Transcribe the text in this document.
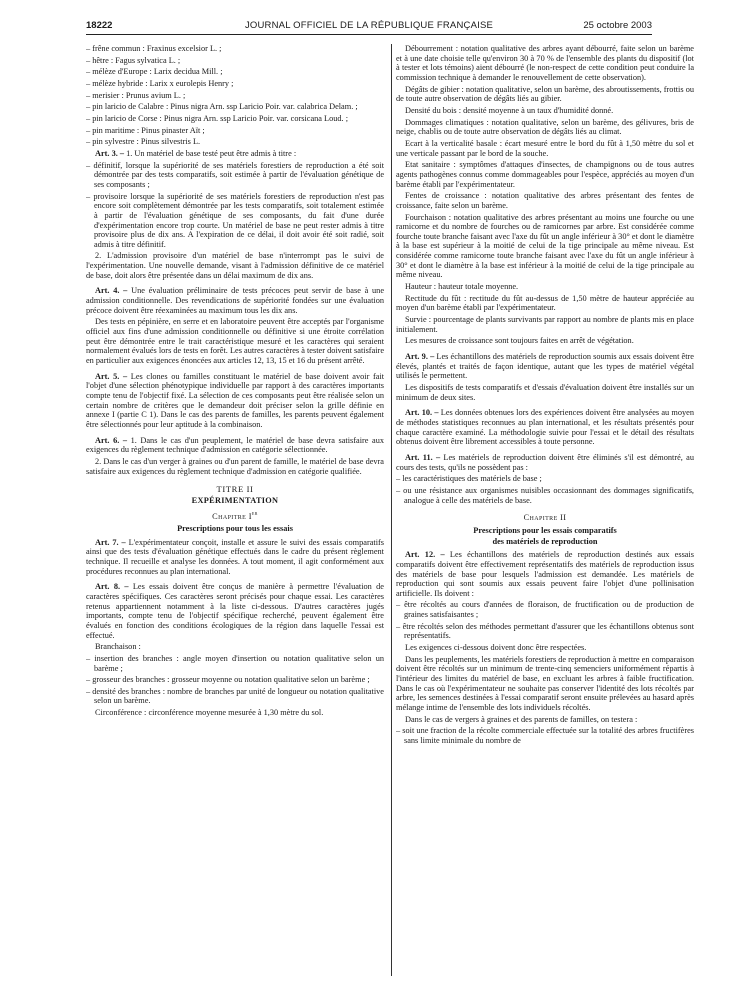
18222	JOURNAL OFFICIEL DE LA RÉPUBLIQUE FRANÇAISE	25 octobre 2003

– frêne commun : Fraxinus excelsior L. ;

– hêtre : Fagus sylvatica L. ;

– mélèze d'Europe : Larix decidua Mill. ;

– mélèze hybride : Larix x eurolepis Henry ;

– merisier : Prunus avium L. ;

– pin laricio de Calabre : Pinus nigra Arn. ssp Laricio Poir. var. calabrica Delam. ;

– pin laricio de Corse : Pinus nigra Arn. ssp Laricio Poir. var. corsicana Loud. ;

– pin maritime : Pinus pinaster Aït ;

– pin sylvestre : Pinus silvestris L.

Art. 3. – 1. Un matériel de base testé peut être admis à titre :

– définitif, lorsque la supériorité de ses matériels forestiers de reproduction a été soit démontrée par des tests comparatifs, soit estimée à partir de l'évaluation génétique de ses composants ;

– provisoire lorsque la supériorité de ses matériels forestiers de reproduction n'est pas encore soit complètement démontrée par les tests comparatifs, soit totalement estimée à partir de l'évaluation génétique de ses composants, du fait d'une durée d'expérimentation encore trop courte. Un matériel de base ne peut rester admis à titre provisoire plus de dix ans. A l'expiration de ce délai, il doit avoir été soit radié, soit admis à titre définitif.

2. L'admission provisoire d'un matériel de base n'interrompt pas le suivi de l'expérimentation. Une nouvelle demande, visant à l'admission définitive de ce matériel de base, doit alors être présentée dans un délai maximum de dix ans.

Art. 4. – Une évaluation préliminaire de tests précoces peut servir de base à une admission conditionnelle. Des revendications de supériorité fondées sur une évaluation précoce doivent être réexaminées au maximum tous les dix ans.

Des tests en pépinière, en serre et en laboratoire peuvent être acceptés par l'organisme officiel aux fins d'une admission conditionnelle ou définitive si une étroite corrélation peut être démontrée entre le trait caractéristique mesuré et les caractères qui seraient normalement évalués lors de tests en forêt. Les autres caractères à tester doivent satisfaire en particulier aux exigences énoncées aux articles 12, 13, 15 et 16 du présent arrêté.

Art. 5. – Les clones ou familles constituant le matériel de base doivent avoir fait l'objet d'une sélection phénotypique individuelle par rapport à des caractères importants compte tenu de l'objectif fixé. La sélection de ces composants peut être réalisée selon un certain nombre de critères que le demandeur doit préciser selon la grille définie en annexe I (partie C 1). Dans le cas des parents de familles, les parents peuvent également être sélectionnés pour leur aptitude à la combinaison.

Art. 6. – 1. Dans le cas d'un peuplement, le matériel de base devra satisfaire aux exigences du règlement technique d'admission en catégorie sélectionnée.

2. Dans le cas d'un verger à graines ou d'un parent de famille, le matériel de base devra satisfaire aux exigences du règlement technique d'admission en catégorie qualifiée.

TITRE II

EXPÉRIMENTATION

Chapitre Ier

Prescriptions pour tous les essais

Art. 7. – L'expérimentateur conçoit, installe et assure le suivi des essais comparatifs ainsi que des tests d'évaluation génétique effectués dans le cadre du présent règlement technique. Il recueille et analyse les données. A tout moment, il agit conformément aux procédures reconnues au plan international.

Art. 8. – Les essais doivent être conçus de manière à permettre l'évaluation de caractères spécifiques. Ces caractères seront précisés pour chaque essai. Les caractères retenus appartiennent notamment à la liste ci-dessous. D'autres caractères jugés importants, compte tenu de l'objectif spécifique recherché, peuvent également être évalués en fonction des conditions écologiques de la région dans laquelle l'essai est effectué.

Branchaison :

– insertion des branches : angle moyen d'insertion ou notation qualitative selon un barème ;

– grosseur des branches : grosseur moyenne ou notation qualitative selon un barème ;

– densité des branches : nombre de branches par unité de longueur ou notation qualitative selon un barème.

Circonférence : circonférence moyenne mesurée à 1,30 mètre du sol.

Débourrement : notation qualitative des arbres ayant débourré, faite selon un barème et à une date choisie telle qu'environ 30 à 70 % de l'ensemble des plants du dispositif (lot à tester et lots témoins) aient débourré (le non-respect de cette condition peut conduire la commission technique à demander le renouvellement de cette observation).

Dégâts de gibier : notation qualitative, selon un barème, des abroutissements, frottis ou de toute autre observation de dégâts liés au gibier.

Densité du bois : densité moyenne à un taux d'humidité donné.

Dommages climatiques : notation qualitative, selon un barème, des gélivures, bris de neige, chablis ou de toute autre observation de dégâts liés au climat.

Ecart à la verticalité basale : écart mesuré entre le bord du fût à 1,50 mètre du sol et une verticale passant par le bord de la souche.

Etat sanitaire : symptômes d'attaques d'insectes, de champignons ou de tous autres agents pathogènes connus comme dommageables pour l'espèce, appréciés au moyen d'un barème établi par l'expérimentateur.

Fentes de croissance : notation qualitative des arbres présentant des fentes de croissance, faite selon un barème.

Fourchaison : notation qualitative des arbres présentant au moins une fourche ou une ramicorne et du nombre de fourches ou de ramicornes par arbre. Est considérée comme fourche toute branche faisant avec l'axe du fût un angle inférieur à 30° et dont le diamètre à la base est supérieur à la moitié de celui de la tige principale au même niveau. Est considérée comme ramicorne toute branche faisant avec l'axe du fût un angle inférieur à 30° et dont le diamètre à la base est inférieur à la moitié de celui de la tige principale au même niveau.

Hauteur : hauteur totale moyenne.

Rectitude du fût : rectitude du fût au-dessus de 1,50 mètre de hauteur appréciée au moyen d'un barème établi par l'expérimentateur.

Survie : pourcentage de plants survivants par rapport au nombre de plants mis en place initialement.

Les mesures de croissance sont toujours faites en arrêt de végétation.

Art. 9. – Les échantillons des matériels de reproduction soumis aux essais doivent être élevés, plantés et traités de façon identique, autant que les types de matériel végétal utilisés le permettent.

Les dispositifs de tests comparatifs et d'essais d'évaluation doivent être installés sur un minimum de deux sites.

Art. 10. – Les données obtenues lors des expériences doivent être analysées au moyen de méthodes statistiques reconnues au plan international, et les résultats présentés pour chaque caractère examiné. La méthodologie suivie pour l'essai et le détail des résultats obtenus doivent être librement accessibles à toute personne.

Art. 11. – Les matériels de reproduction doivent être éliminés s'il est démontré, au cours des tests, qu'ils ne possèdent pas :

– les caractéristiques des matériels de base ;

– ou une résistance aux organismes nuisibles occasionnant des dommages significatifs, analogue à celle des matériels de base.

Chapitre II

Prescriptions pour les essais comparatifs

des matériels de reproduction

Art. 12. – Les échantillons des matériels de reproduction destinés aux essais comparatifs doivent être effectivement représentatifs des matériels de reproduction issus des matériels de base pour lesquels l'admission est demandée. Les matériels de reproduction qui sont soumis aux essais peuvent faire l'objet d'une pollinisation artificielle. Ils doivent :

– être récoltés au cours d'années de floraison, de fructification ou de production de graines satisfaisantes ;

– être récoltés selon des méthodes permettant d'assurer que les échantillons obtenus sont représentatifs.

Les exigences ci-dessous doivent donc être respectées.

Dans les peuplements, les matériels forestiers de reproduction à mettre en comparaison doivent être récoltés sur un minimum de trente-cinq semenciers uniformément répartis à l'intérieur des limites du matériel de base, en excluant les arbres à faible fructification. Dans le cas où l'expérimentateur ne souhaite pas conserver l'identité des lots récoltés par arbre, les semences destinées à l'essai comparatif seront ensuite prélevées au hasard après mélange intime de l'ensemble des lots individuels récoltés.

Dans le cas de vergers à graines et des parents de familles, on testera :

– soit une fraction de la récolte commerciale effectuée sur la totalité des arbres fructifères sans limite minimale du nombre de
